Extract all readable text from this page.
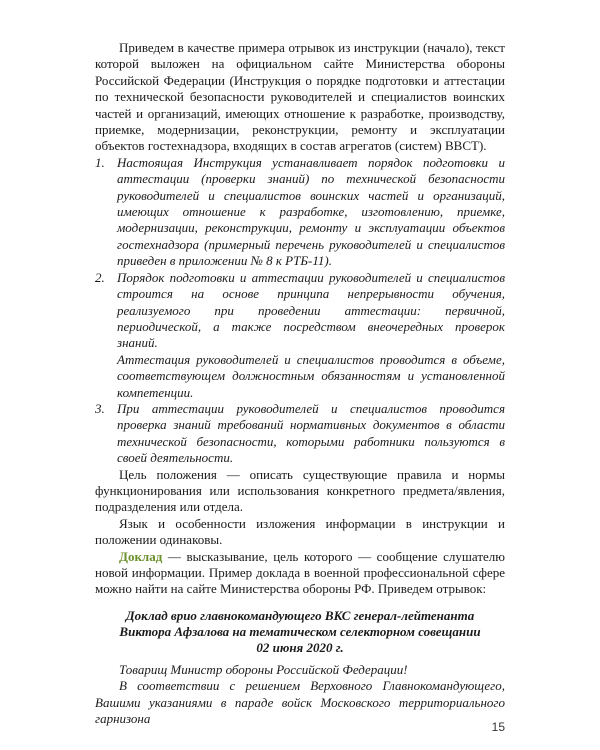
Приведем в качестве примера отрывок из инструкции (начало), текст которой выложен на официальном сайте Министерства обороны Российской Федерации (Инструкция о порядке подготовки и аттестации по технической безопасности руководителей и специалистов воинских частей и организаций, имеющих отношение к разработке, производству, приемке, модернизации, реконструкции, ремонту и эксплуатации объектов гостехнадзора, входящих в состав агрегатов (систем) ВВСТ).

1. Настоящая Инструкция устанавливает порядок подготовки и аттестации (проверки знаний) по технической безопасности руководителей и специалистов воинских частей и организаций, имеющих отношение к разработке, изготовлению, приемке, модернизации, реконструкции, ремонту и эксплуатации объектов гостехнадзора (примерный перечень руководителей и специалистов приведен в приложении № 8 к РТБ-11).
2. Порядок подготовки и аттестации руководителей и специалистов строится на основе принципа непрерывности обучения, реализуемого при проведении аттестации: первичной, периодической, а также посредством внеочередных проверок знаний.
Аттестация руководителей и специалистов проводится в объеме, соответствующем должностным обязанностям и установленной компетенции.
3. При аттестации руководителей и специалистов проводится проверка знаний требований нормативных документов в области технической безопасности, которыми работники пользуются в своей деятельности.

Цель положения — описать существующие правила и нормы функционирования или использования конкретного предмета/явления, подразделения или отдела.

Язык и особенности изложения информации в инструкции и положении одинаковы.

Доклад — высказывание, цель которого — сообщение слушателю новой информации. Пример доклада в военной профессиональной сфере можно найти на сайте Министерства обороны РФ. Приведем отрывок:

Доклад врио главнокомандующего ВКС генерал-лейтенанта
Виктора Афзалова на тематическом селекторном совещании
02 июня 2020 г.

Товарищ Министр обороны Российской Федерации!

В соответствии с решением Верховного Главнокомандующего, Вашими указаниями в параде войск Московского территориального гарнизона

15
